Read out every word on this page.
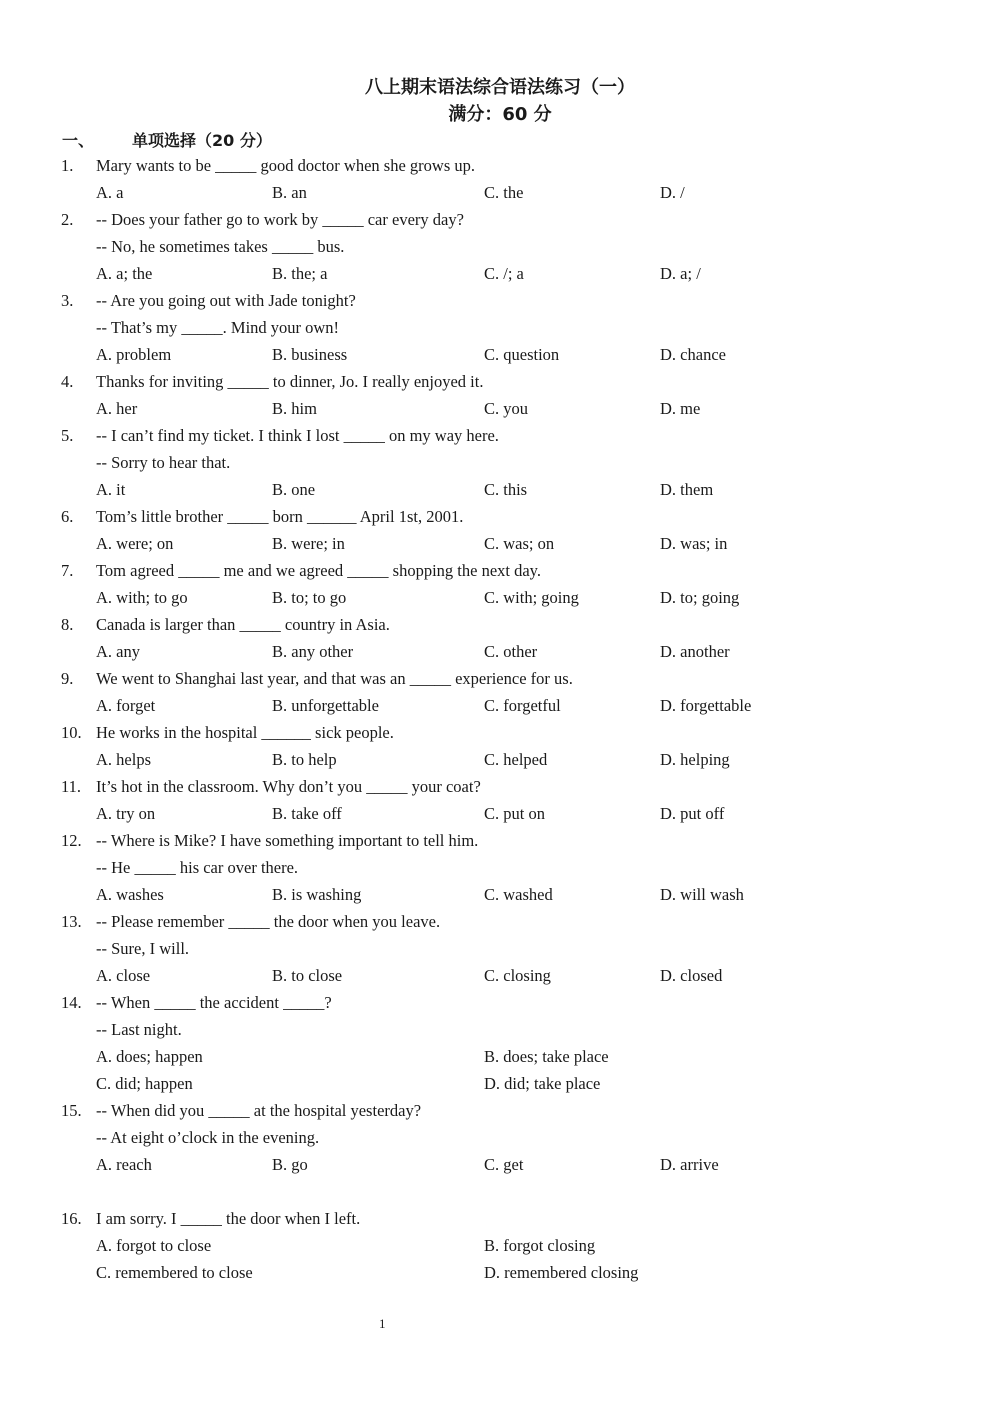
八上期末语法综合语法练习（一）
满分：60 分
一、 单项选择（20 分）
1. Mary wants to be _____ good doctor when she grows up.
A. a	B. an	C. the	D. /
2. -- Does your father go to work by _____ car every day?
-- No, he sometimes takes _____ bus.
A. a; the	B. the; a	C. /; a	D. a; /
3. -- Are you going out with Jade tonight?
-- That’s my _____. Mind your own!
A. problem	B. business	C. question	D. chance
4. Thanks for inviting _____ to dinner, Jo. I really enjoyed it.
A. her	B. him	C. you	D. me
5. -- I can’t find my ticket. I think I lost _____ on my way here.
-- Sorry to hear that.
A. it	B. one	C. this	D. them
6. Tom’s little brother _____ born ______ April 1st, 2001.
A. were; on	B. were; in	C. was; on	D. was; in
7. Tom agreed _____ me and we agreed _____ shopping the next day.
A. with; to go	B. to; to go	C. with; going	D. to; going
8. Canada is larger than _____ country in Asia.
A. any	B. any other	C. other	D. another
9. We went to Shanghai last year, and that was an _____ experience for us.
A. forget	B. unforgettable	C. forgetful	D. forgettable
10. He works in the hospital ______ sick people.
A. helps	B. to help	C. helped	D. helping
11. It’s hot in the classroom. Why don’t you _____ your coat?
A. try on	B. take off	C. put on	D. put off
12. -- Where is Mike? I have something important to tell him.
-- He _____ his car over there.
A. washes	B. is washing	C. washed	D. will wash
13. -- Please remember _____ the door when you leave.
-- Sure, I will.
A. close	B. to close	C. closing	D. closed
14. -- When _____ the accident _____?
-- Last night.
A. does; happen	B. does; take place
C. did; happen	D. did; take place
15. -- When did you _____ at the hospital yesterday?
-- At eight o’clock in the evening.
A. reach	B. go	C. get	D. arrive
16. I am sorry. I _____ the door when I left.
A. forgot to close	B. forgot closing
C. remembered to close	D. remembered closing
1
